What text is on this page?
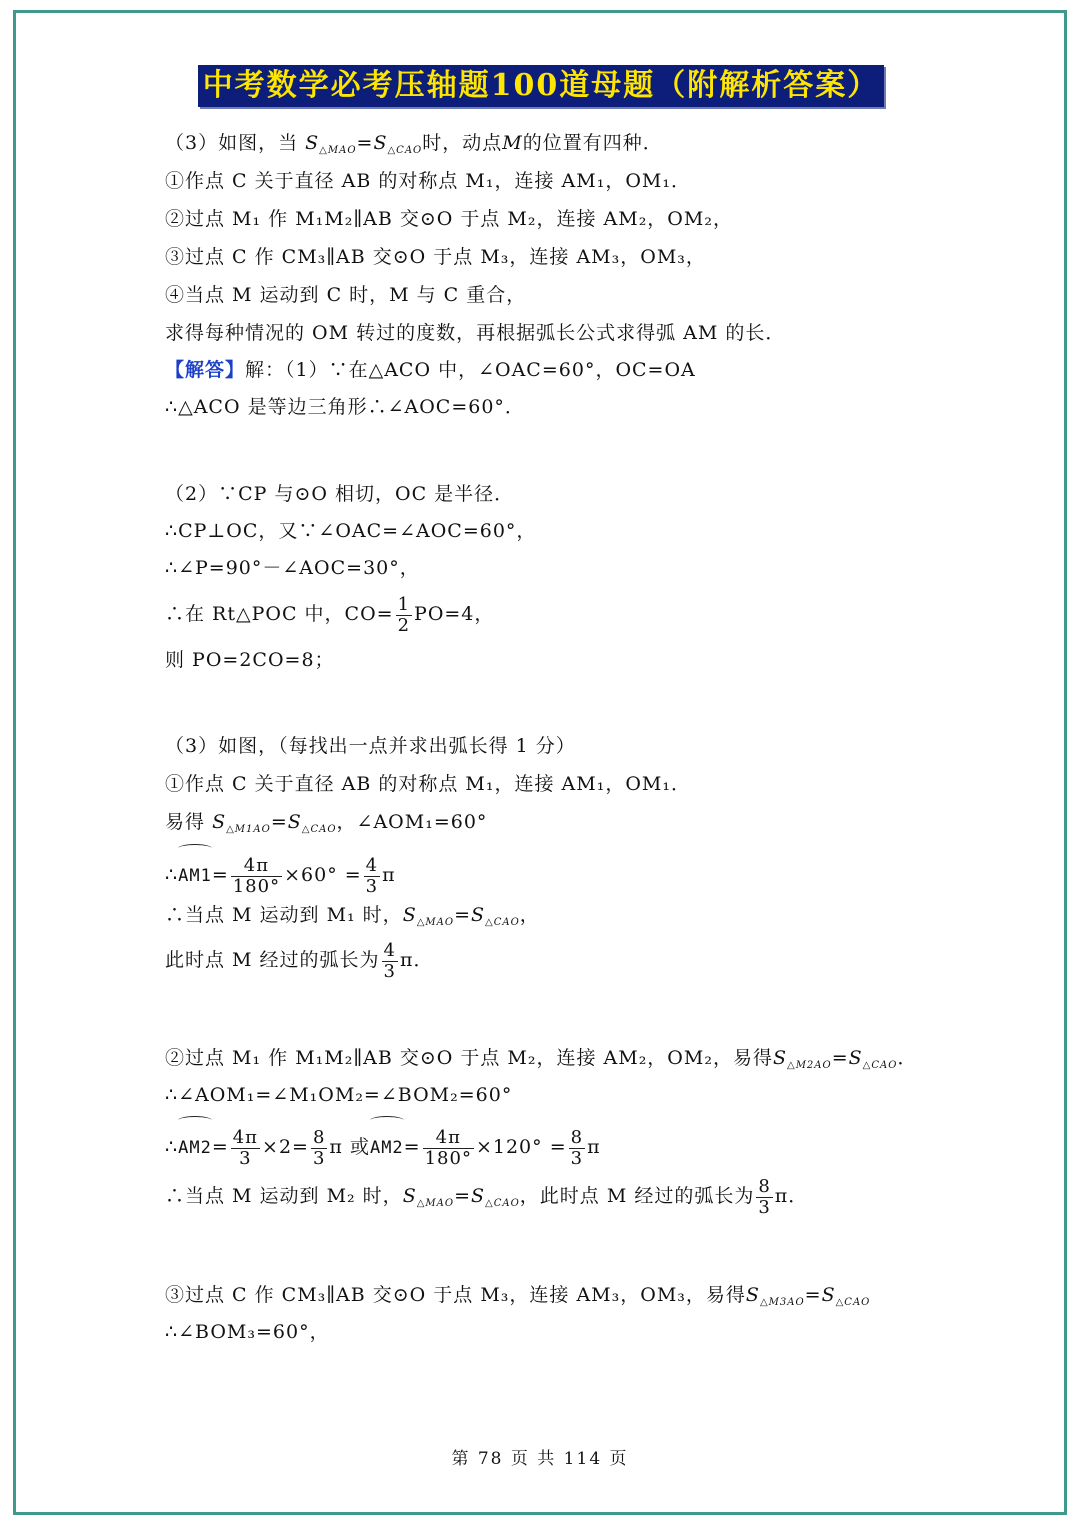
中考数学必考压轴题100道母题（附解析答案）
（3）如图，当 $S_{\triangle MAO}=S_{\triangle CAO}$时，动点M的位置有四种．
①作点 C 关于直径 AB 的对称点 M₁，连接 AM₁，OM₁．
②过点 M₁ 作 M₁M₂∥AB 交⊙O 于点 M₂，连接 AM₂，OM₂，
③过点 C 作 CM₃∥AB 交⊙O 于点 M₃，连接 AM₃，OM₃，
④当点 M 运动到 C 时，M 与 C 重合，
求得每种情况的 OM 转过的度数，再根据弧长公式求得弧 AM 的长．
【解答】解：（1）∵在△ACO 中，∠OAC=60°，OC=OA
∴△ACO 是等边三角形∴∠AOC=60°．
（2）∵CP 与⊙O 相切，OC 是半径．
∴CP⊥OC，又∵∠OAC=∠AOC=60°，
∴∠P=90°－∠AOC=30°，
∴在 Rt△POC 中，$CO= \frac{1}{2} PO=4$，
则 PO=2CO=8；
（3）如图，（每找出一点并求出弧长得 1 分）
①作点 C 关于直径 AB 的对称点 M₁，连接 AM₁，OM₁．
易得 $S_{\triangle M1AO}=S_{\triangle CAO}$，∠AOM₁=60°
∴AM1= $\frac{4\pi}{180^\circ} \times 60^\circ = \frac{4}{3}$ π
∴当点 M 运动到 M₁ 时，$S_{\triangle MAO}=S_{\triangle CAO}$，
此时点 M 经过的弧长为 $\frac{4}{3}$ π．
②过点 M₁ 作 M₁M₂∥AB 交⊙O 于点 M₂，连接 AM₂，OM₂，易得$S_{\triangle M2AO}=S_{\triangle CAO}$．
∴∠AOM₁=∠M₁OM₂=∠BOM₂=60°
∴AM2= $\frac{4\pi}{3} \times 2= \frac{8}{3}$ π 或$AM2= \frac{4\pi}{180^\circ} \times 120^\circ = \frac{8}{3}$ π
∴当点 M 运动到 M₂ 时，$S_{\triangle MAO}=S_{\triangle CAO}$，此时点 M 经过的弧长为 $\frac{8}{3}$ π．
③过点 C 作 CM₃∥AB 交⊙O 于点 M₃，连接 AM₃，OM₃，易得$S_{\triangle M3AO}=S_{\triangle CAO}$
∴∠BOM₃=60°，
第 78 页 共 114 页
